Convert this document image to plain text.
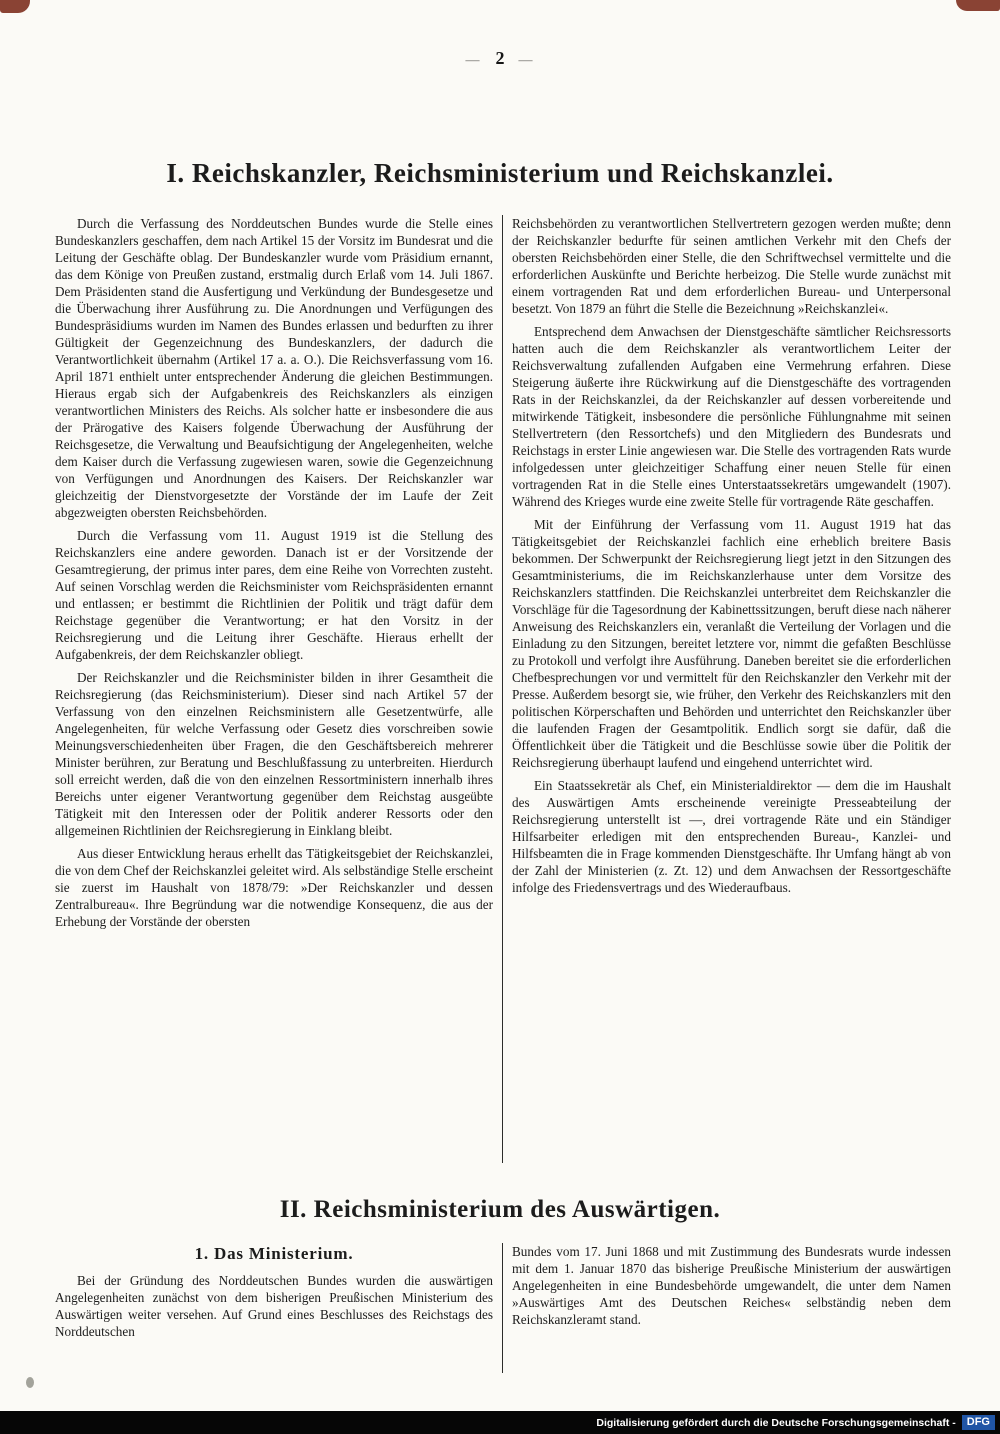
— 2 —
I. Reichskanzler, Reichsministerium und Reichskanzlei.

Durch die Verfassung des Norddeutschen Bundes wurde die Stelle eines Bundeskanzlers geschaffen, dem nach Artikel 15 der Vorsitz im Bundesrat und die Leitung der Geschäfte oblag. Der Bundeskanzler wurde vom Präsidium ernannt, das dem Könige von Preußen zustand, erstmalig durch Erlaß vom 14. Juli 1867. Dem Präsidenten stand die Ausfertigung und Verkündung der Bundesgesetze und die Überwachung ihrer Ausführung zu. Die Anordnungen und Verfügungen des Bundespräsidiums wurden im Namen des Bundes erlassen und bedurften zu ihrer Gültigkeit der Gegenzeichnung des Bundeskanzlers, der dadurch die Verantwortlichkeit übernahm (Artikel 17 a. a. O.). Die Reichsverfassung vom 16. April 1871 enthielt unter entsprechender Änderung die gleichen Bestimmungen. Hieraus ergab sich der Aufgabenkreis des Reichskanzlers als einzigen verantwortlichen Ministers des Reichs. Als solcher hatte er insbesondere die aus der Prärogative des Kaisers folgende Überwachung der Ausführung der Reichsgesetze, die Verwaltung und Beaufsichtigung der Angelegenheiten, welche dem Kaiser durch die Verfassung zugewiesen waren, sowie die Gegenzeichnung von Verfügungen und Anordnungen des Kaisers. Der Reichskanzler war gleichzeitig der Dienstvorgesetzte der Vorstände der im Laufe der Zeit abgezweigten obersten Reichsbehörden.

Durch die Verfassung vom 11. August 1919 ist die Stellung des Reichskanzlers eine andere geworden. Danach ist er der Vorsitzende der Gesamtregierung, der primus inter pares, dem eine Reihe von Vorrechten zusteht. Auf seinen Vorschlag werden die Reichsminister vom Reichspräsidenten ernannt und entlassen; er bestimmt die Richtlinien der Politik und trägt dafür dem Reichstage gegenüber die Verantwortung; er hat den Vorsitz in der Reichsregierung und die Leitung ihrer Geschäfte. Hieraus erhellt der Aufgabenkreis, der dem Reichskanzler obliegt.

Der Reichskanzler und die Reichsminister bilden in ihrer Gesamtheit die Reichsregierung (das Reichsministerium). Dieser sind nach Artikel 57 der Verfassung von den einzelnen Reichsministern alle Gesetzentwürfe, alle Angelegenheiten, für welche Verfassung oder Gesetz dies vorschreiben sowie Meinungsverschiedenheiten über Fragen, die den Geschäftsbereich mehrerer Minister berühren, zur Beratung und Beschlußfassung zu unterbreiten. Hierdurch soll erreicht werden, daß die von den einzelnen Ressortministern innerhalb ihres Bereichs unter eigener Verantwortung gegenüber dem Reichstag ausgeübte Tätigkeit mit den Interessen oder der Politik anderer Ressorts oder den allgemeinen Richtlinien der Reichsregierung in Einklang bleibt.

Aus dieser Entwicklung heraus erhellt das Tätigkeitsgebiet der Reichskanzlei, die von dem Chef der Reichskanzlei geleitet wird. Als selbständige Stelle erscheint sie zuerst im Haushalt von 1878/79: »Der Reichskanzler und dessen Zentralbureau«. Ihre Begründung war die notwendige Konsequenz, die aus der Erhebung der Vorstände der obersten

Reichsbehörden zu verantwortlichen Stellvertretern gezogen werden mußte; denn der Reichskanzler bedurfte für seinen amtlichen Verkehr mit den Chefs der obersten Reichsbehörden einer Stelle, die den Schriftwechsel vermittelte und die erforderlichen Auskünfte und Berichte herbeizog. Die Stelle wurde zunächst mit einem vortragenden Rat und dem erforderlichen Bureau- und Unterpersonal besetzt. Von 1879 an führt die Stelle die Bezeichnung »Reichskanzlei«.

Entsprechend dem Anwachsen der Dienstgeschäfte sämtlicher Reichsressorts hatten auch die dem Reichskanzler als verantwortlichem Leiter der Reichsverwaltung zufallenden Aufgaben eine Vermehrung erfahren. Diese Steigerung äußerte ihre Rückwirkung auf die Dienstgeschäfte des vortragenden Rats in der Reichskanzlei, da der Reichskanzler auf dessen vorbereitende und mitwirkende Tätigkeit, insbesondere die persönliche Fühlungnahme mit seinen Stellvertretern (den Ressortchefs) und den Mitgliedern des Bundesrats und Reichstags in erster Linie angewiesen war. Die Stelle des vortragenden Rats wurde infolgedessen unter gleichzeitiger Schaffung einer neuen Stelle für einen vortragenden Rat in die Stelle eines Unterstaatssekretärs umgewandelt (1907). Während des Krieges wurde eine zweite Stelle für vortragende Räte geschaffen.

Mit der Einführung der Verfassung vom 11. August 1919 hat das Tätigkeitsgebiet der Reichskanzlei fachlich eine erheblich breitere Basis bekommen. Der Schwerpunkt der Reichsregierung liegt jetzt in den Sitzungen des Gesamtministeriums, die im Reichskanzlerhause unter dem Vorsitze des Reichskanzlers stattfinden. Die Reichskanzlei unterbreitet dem Reichskanzler die Vorschläge für die Tagesordnung der Kabinettssitzungen, beruft diese nach näherer Anweisung des Reichskanzlers ein, veranlaßt die Verteilung der Vorlagen und die Einladung zu den Sitzungen, bereitet letztere vor, nimmt die gefaßten Beschlüsse zu Protokoll und verfolgt ihre Ausführung. Daneben bereitet sie die erforderlichen Chefbesprechungen vor und vermittelt für den Reichskanzler den Verkehr mit der Presse. Außerdem besorgt sie, wie früher, den Verkehr des Reichskanzlers mit den politischen Körperschaften und Behörden und unterrichtet den Reichskanzler über die laufenden Fragen der Gesamtpolitik. Endlich sorgt sie dafür, daß die Öffentlichkeit über die Tätigkeit und die Beschlüsse sowie über die Politik der Reichsregierung überhaupt laufend und eingehend unterrichtet wird.

Ein Staatssekretär als Chef, ein Ministerialdirektor — dem die im Haushalt des Auswärtigen Amts erscheinende vereinigte Presseabteilung der Reichsregierung unterstellt ist —, drei vortragende Räte und ein Ständiger Hilfsarbeiter erledigen mit den entsprechenden Bureau-, Kanzlei- und Hilfsbeamten die in Frage kommenden Dienstgeschäfte. Ihr Umfang hängt ab von der Zahl der Ministerien (z. Zt. 12) und dem Anwachsen der Ressortgeschäfte infolge des Friedensvertrags und des Wiederaufbaus.

II. Reichsministerium des Auswärtigen.
1. Das Ministerium.

Bei der Gründung des Norddeutschen Bundes wurden die auswärtigen Angelegenheiten zunächst von dem bisherigen Preußischen Ministerium des Auswärtigen weiter versehen. Auf Grund eines Beschlusses des Reichstags des Norddeutschen

Bundes vom 17. Juni 1868 und mit Zustimmung des Bundesrats wurde indessen mit dem 1. Januar 1870 das bisherige Preußische Ministerium der auswärtigen Angelegenheiten in eine Bundesbehörde umgewandelt, die unter dem Namen »Auswärtiges Amt des Deutschen Reiches« selbständig neben dem Reichskanzleramt stand.

Digitalisierung gefördert durch die Deutsche Forschungsgemeinschaft -	DFG
